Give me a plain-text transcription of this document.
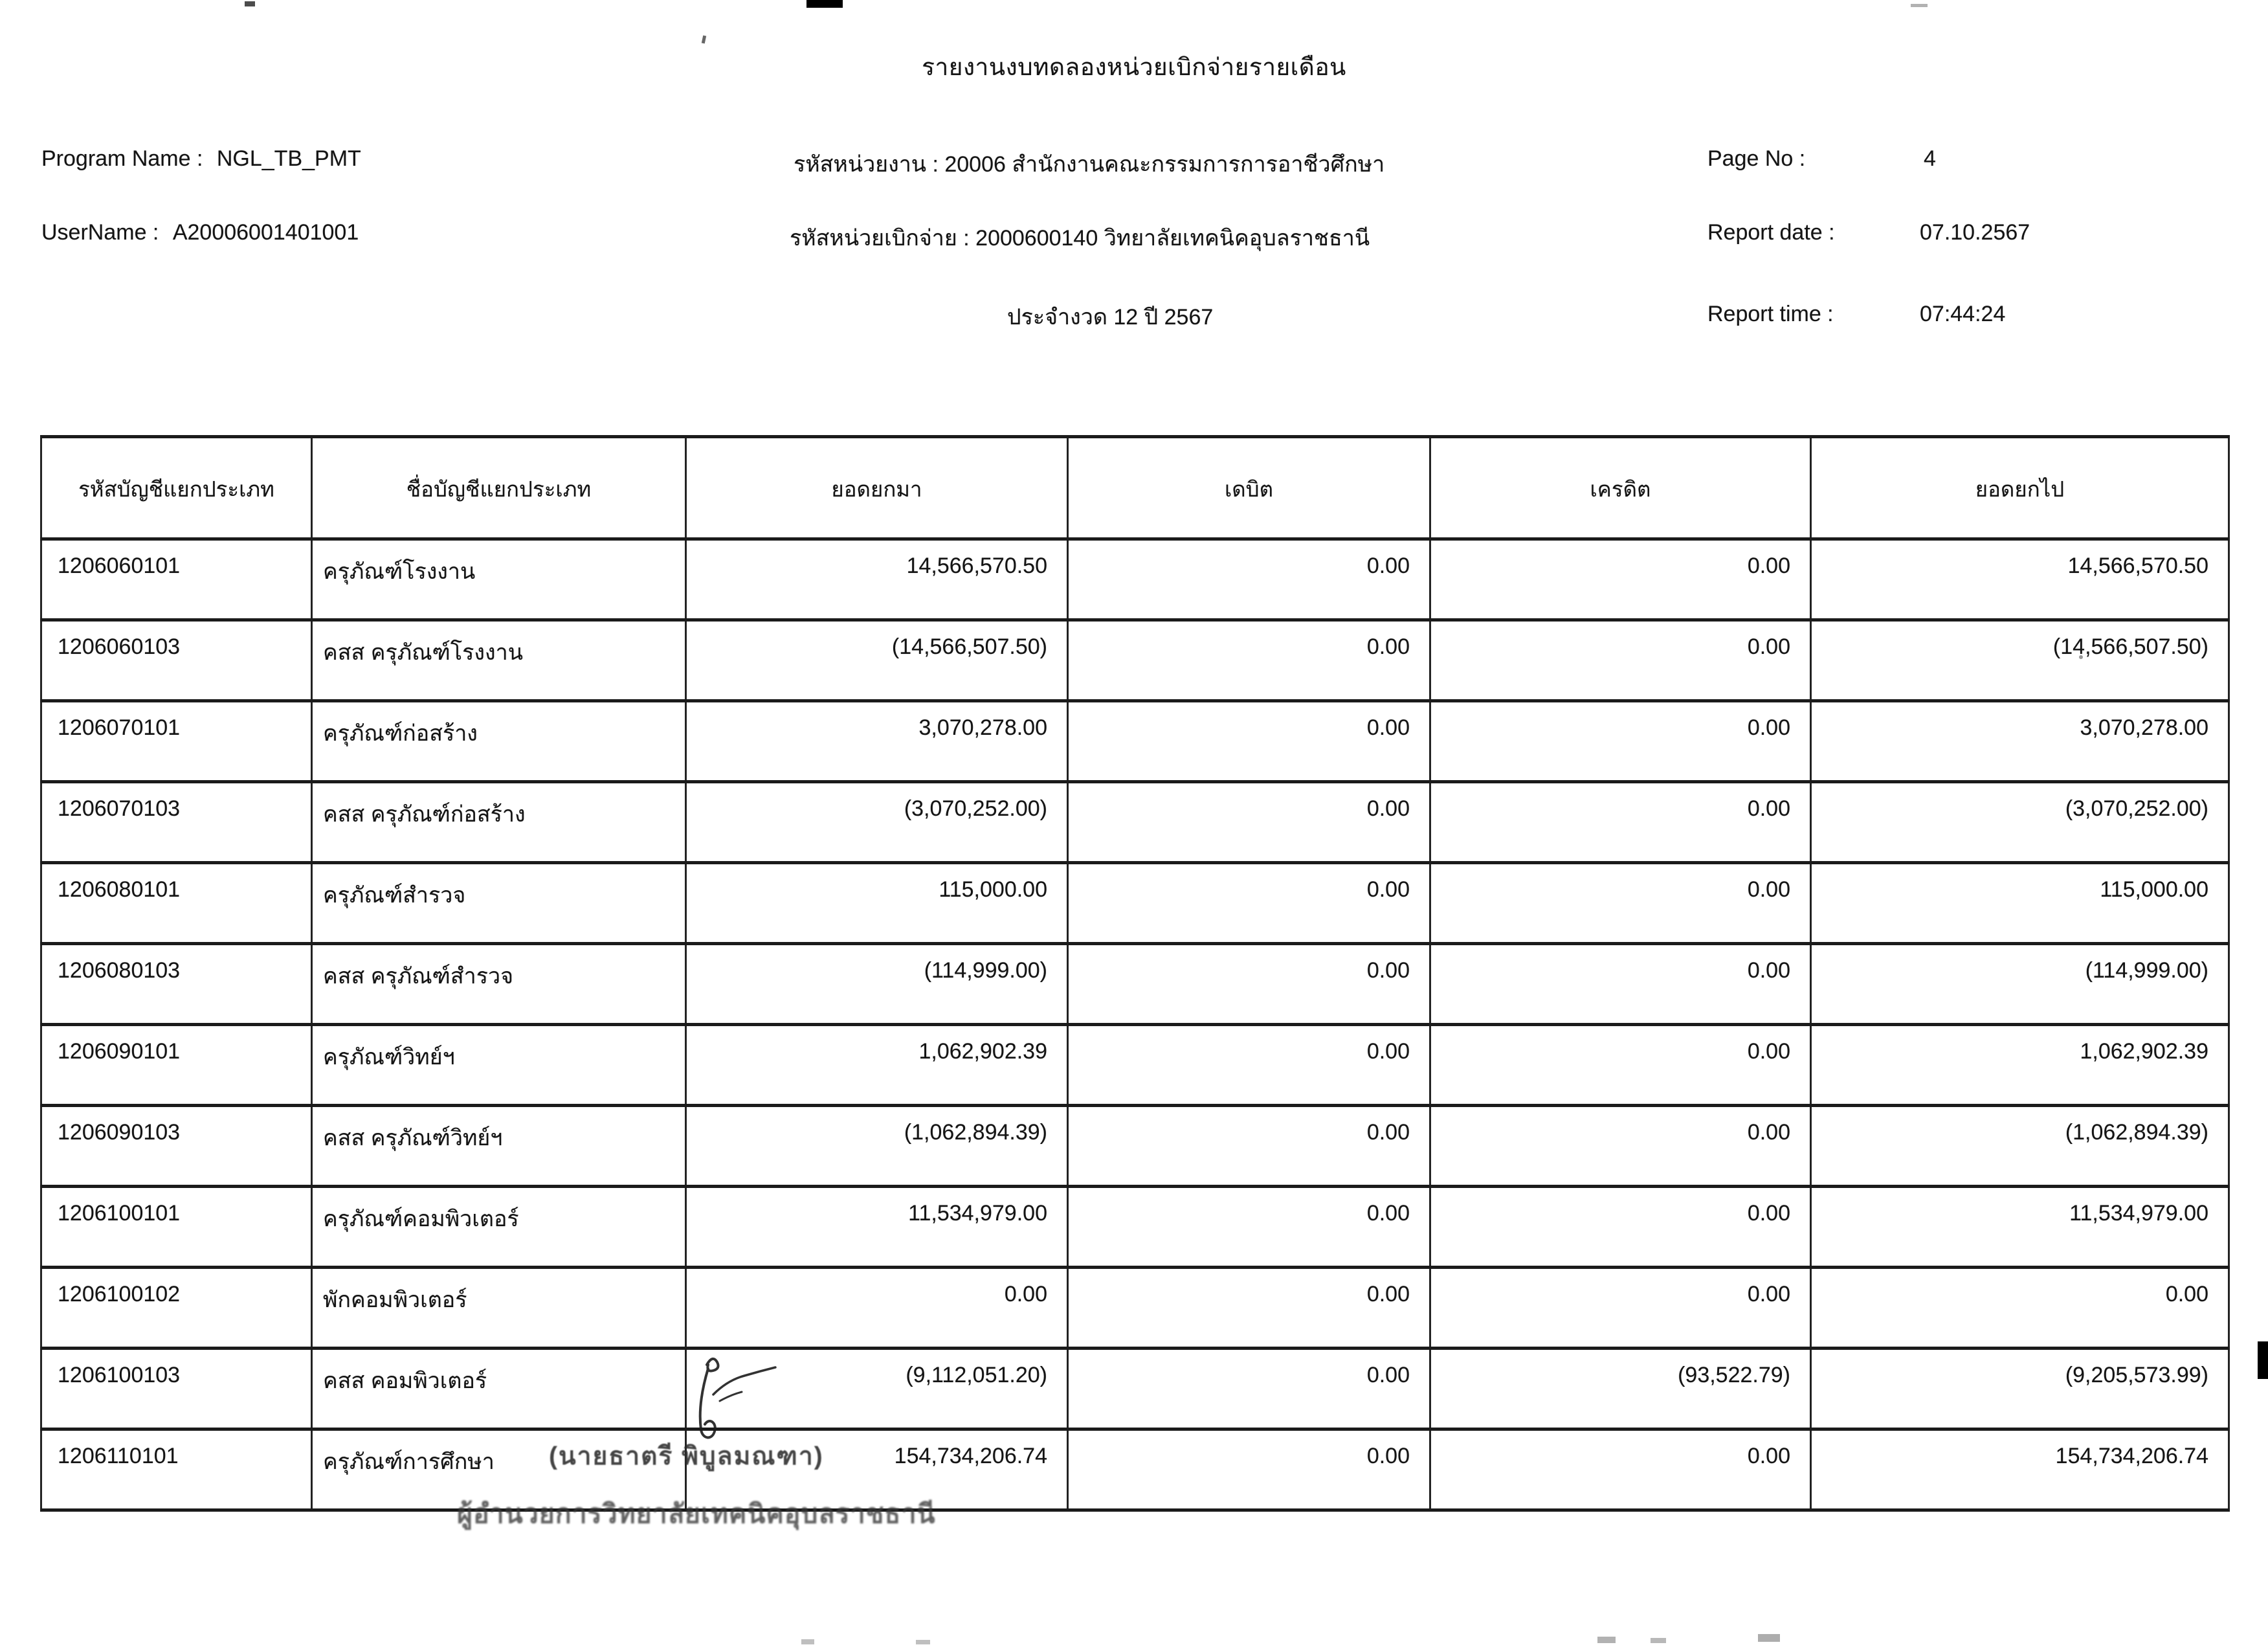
รายงานงบทดลองหน่วยเบิกจ่ายรายเดือน
Program Name : NGL_TB_PMT
UserName : A20006001401001
รหัสหน่วยงาน : 20006 สำนักงานคณะกรรมการการอาชีวศึกษา
รหัสหน่วยเบิกจ่าย : 2000600140 วิทยาลัยเทคนิคอุบลราชธานี
ประจำงวด 12 ปี 2567
Page No :	4
Report date :	07.10.2567
Report time :	07:44:24
รหัสบัญชีแยกประเภท	ชื่อบัญชีแยกประเภท	ยอดยกมา	เดบิต	เครดิต	ยอดยกไป
1206060101	ครุภัณฑ์โรงงาน	14,566,570.50	0.00	0.00	14,566,570.50
1206060103	คสส ครุภัณฑ์โรงงาน	(14,566,507.50)	0.00	0.00	(14,566,507.50)
1206070101	ครุภัณฑ์ก่อสร้าง	3,070,278.00	0.00	0.00	3,070,278.00
1206070103	คสส ครุภัณฑ์ก่อสร้าง	(3,070,252.00)	0.00	0.00	(3,070,252.00)
1206080101	ครุภัณฑ์สำรวจ	115,000.00	0.00	0.00	115,000.00
1206080103	คสส ครุภัณฑ์สำรวจ	(114,999.00)	0.00	0.00	(114,999.00)
1206090101	ครุภัณฑ์วิทย์ฯ	1,062,902.39	0.00	0.00	1,062,902.39
1206090103	คสส ครุภัณฑ์วิทย์ฯ	(1,062,894.39)	0.00	0.00	(1,062,894.39)
1206100101	ครุภัณฑ์คอมพิวเตอร์	11,534,979.00	0.00	0.00	11,534,979.00
1206100102	พักคอมพิวเตอร์	0.00	0.00	0.00	0.00
1206100103	คสส คอมพิวเตอร์	(9,112,051.20)	0.00	(93,522.79)	(9,205,573.99)
1206110101	ครุภัณฑ์การศึกษา	154,734,206.74	0.00	0.00	154,734,206.74
(นายธาตรี พิบูลมณฑา)
ผู้อำนวยการวิทยาลัยเทคนิคอุบลราชธานี
